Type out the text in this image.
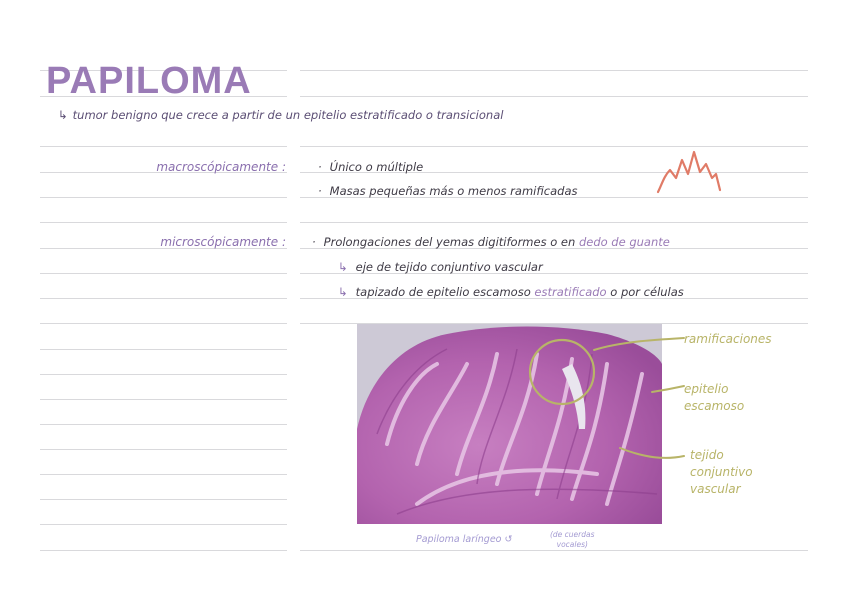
PAPILOMA
↳ tumor benigno que crece a partir de un epitelio estratificado o transicional
macroscópicamente :	· Único o múltiple
· Masas pequeñas más o menos ramificadas
microscópicamente : · Prolongaciones del yemas digitiformes o en dedo de guante
↳ eje de tejido conjuntivo vascular
↳ tapizado de epitelio escamoso estratificado o por células
ramificaciones
epitelio
escamoso
tejido
conjuntivo
vascular
Papiloma laríngeo ↺	(de cuerdas
vocales)
